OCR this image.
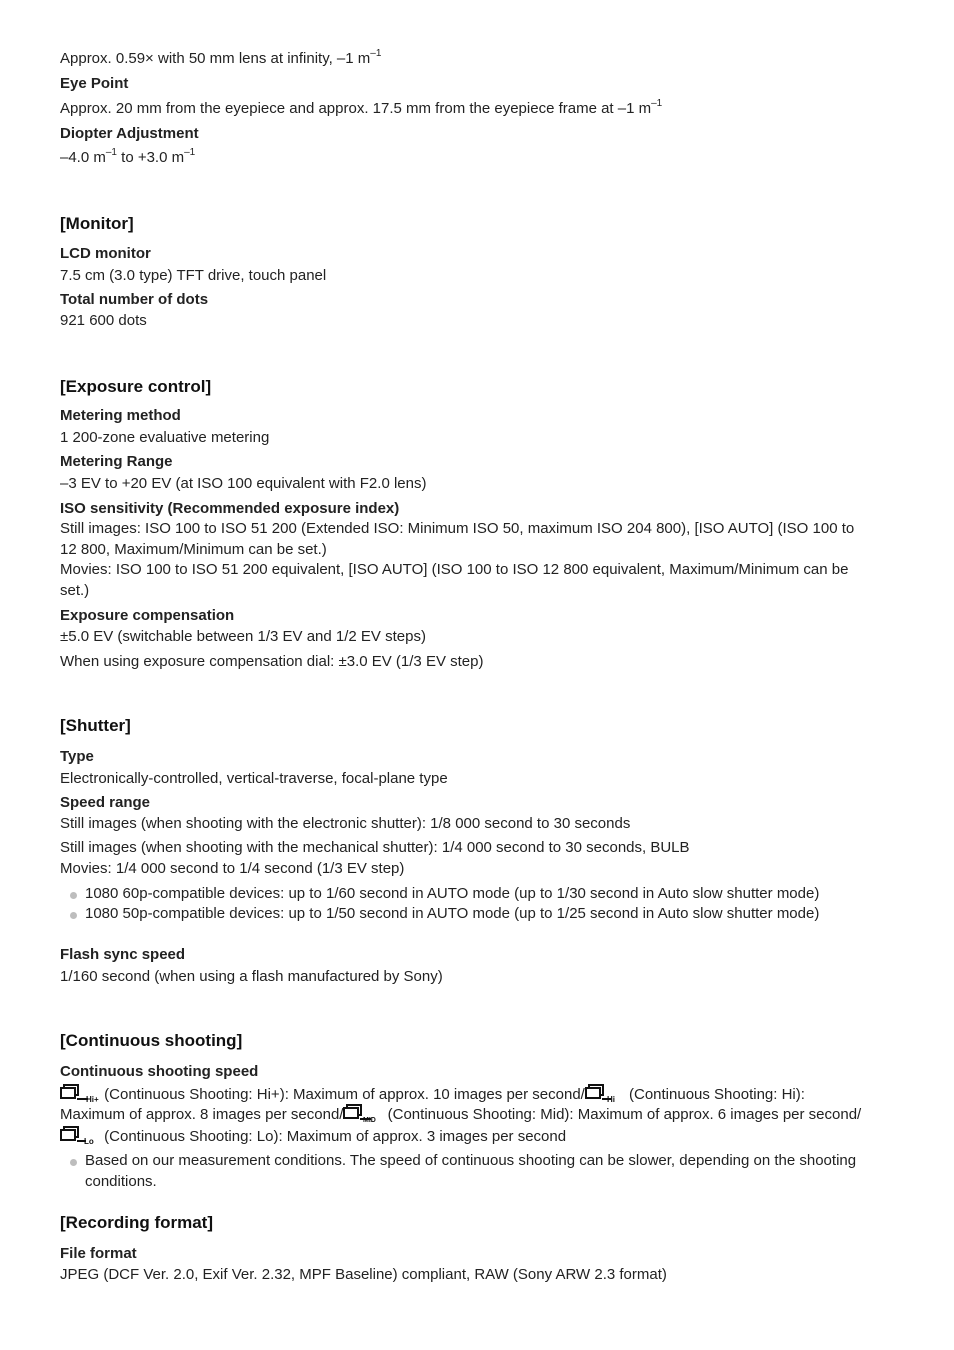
Approx. 0.59× with 50 mm lens at infinity, –1 $m^{-1}$
Eye Point
Approx. 20 mm from the eyepiece and approx. 17.5 mm from the eyepiece frame at –1 $m^{-1}$
Diopter Adjustment
–4.0 $m^{-1}$ to +3.0 $m^{-1}$
[Monitor]
LCD monitor
7.5 cm (3.0 type) TFT drive, touch panel
Total number of dots
921 600 dots
[Exposure control]
Metering method
1 200-zone evaluative metering
Metering Range
–3 EV to +20 EV (at ISO 100 equivalent with F2.0 lens)
ISO sensitivity (Recommended exposure index)
Still images: ISO 100 to ISO 51 200 (Extended ISO: Minimum ISO 50, maximum ISO 204 800), [ISO AUTO] (ISO 100 to
12 800, Maximum/Minimum can be set.)
Movies: ISO 100 to ISO 51 200 equivalent, [ISO AUTO] (ISO 100 to ISO 12 800 equivalent, Maximum/Minimum can be
set.)
Exposure compensation
±5.0 EV (switchable between 1/3 EV and 1/2 EV steps)
When using exposure compensation dial: ±3.0 EV (1/3 EV step)
[Shutter]
Type
Electronically-controlled, vertical-traverse, focal-plane type
Speed range
Still images (when shooting with the electronic shutter): 1/8 000 second to 30 seconds
Still images (when shooting with the mechanical shutter): 1/4 000 second to 30 seconds, BULB
Movies: 1/4 000 second to 1/4 second (1/3 EV step)
1080 60p-compatible devices: up to 1/60 second in AUTO mode (up to 1/30 second in Auto slow shutter mode)
1080 50p-compatible devices: up to 1/50 second in AUTO mode (up to 1/25 second in Auto slow shutter mode)
Flash sync speed
1/160 second (when using a flash manufactured by Sony)
[Continuous shooting]
Continuous shooting speed
Hi+ (Continuous Shooting: Hi+): Maximum of approx. 10 images per second/	Hi (Continuous Shooting: Hi):
Maximum of approx. 8 images per second/	MID (Continuous Shooting: Mid): Maximum of approx. 6 images per second/
Lo (Continuous Shooting: Lo): Maximum of approx. 3 images per second
Based on our measurement conditions. The speed of continuous shooting can be slower, depending on the shooting
conditions.
[Recording format]
File format
JPEG (DCF Ver. 2.0, Exif Ver. 2.32, MPF Baseline) compliant, RAW (Sony ARW 2.3 format)
